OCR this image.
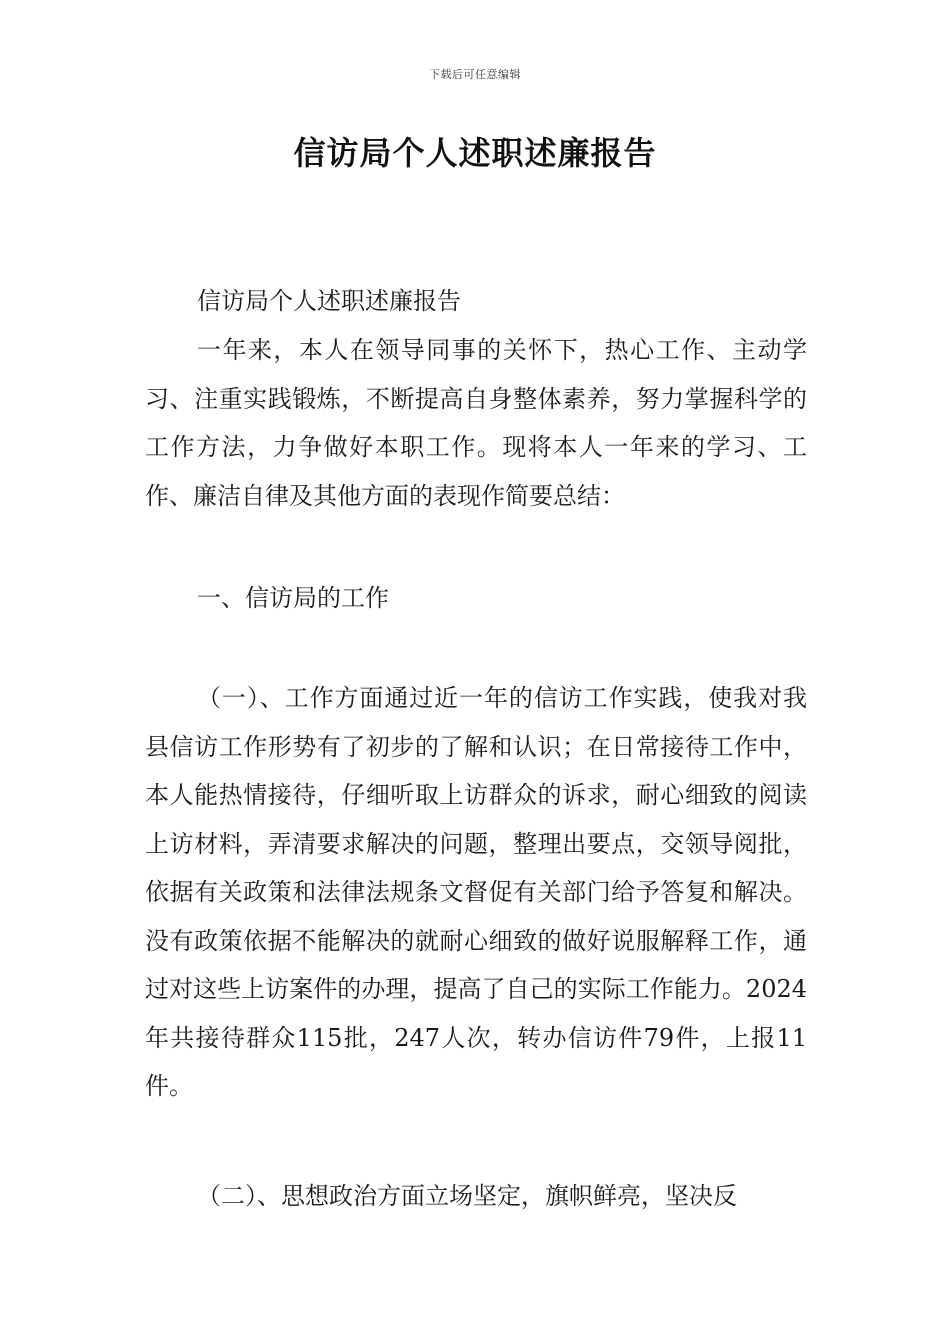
下载后可任意编辑
信访局个人述职述廉报告

信访局个人述职述廉报告

一年来，本人在领导同事的关怀下，热心工作、主动学习、注重实践锻炼，不断提高自身整体素养，努力掌握科学的工作方法，力争做好本职工作。现将本人一年来的学习、工作、廉洁自律及其他方面的表现作简要总结：

一、信访局的工作

（一）、工作方面通过近一年的信访工作实践，使我对我县信访工作形势有了初步的了解和认识；在日常接待工作中，本人能热情接待，仔细听取上访群众的诉求，耐心细致的阅读上访材料，弄清要求解决的问题，整理出要点，交领导阅批，依据有关政策和法律法规条文督促有关部门给予答复和解决。没有政策依据不能解决的就耐心细致的做好说服解释工作，通过对这些上访案件的办理，提高了自己的实际工作能力。2024年共接待群众115批，247人次，转办信访件79件，上报11件。

（二）、思想政治方面立场坚定，旗帜鲜亮，坚决反
